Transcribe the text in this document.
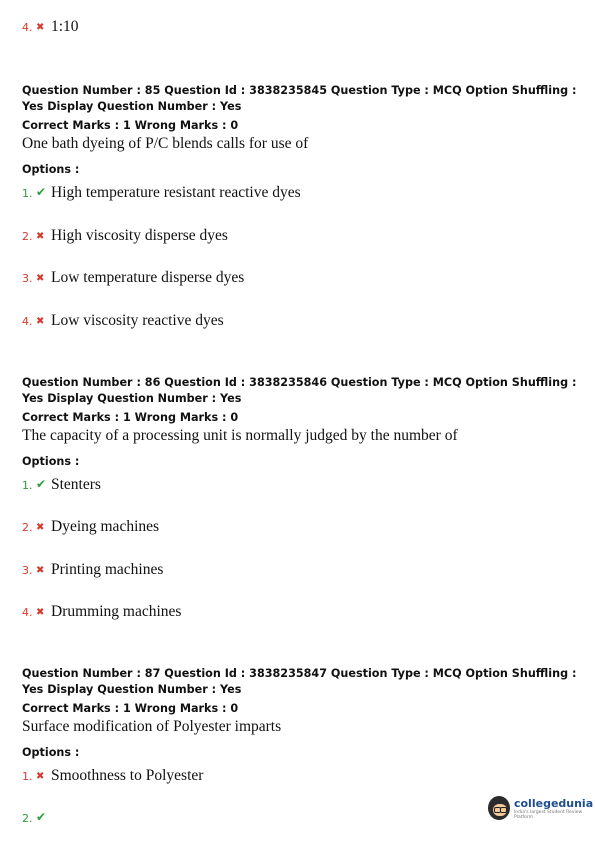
4. ✖ 1:10
Question Number : 85 Question Id : 3838235845 Question Type : MCQ Option Shuffling : Yes Display Question Number : Yes
Correct Marks : 1 Wrong Marks : 0
One bath dyeing of P/C blends calls for use of
Options :
1. ✔ High temperature resistant reactive dyes
2. ✖ High viscosity disperse dyes
3. ✖ Low temperature disperse dyes
4. ✖ Low viscosity reactive dyes
Question Number : 86 Question Id : 3838235846 Question Type : MCQ Option Shuffling : Yes Display Question Number : Yes
Correct Marks : 1 Wrong Marks : 0
The capacity of a processing unit is normally judged by the number of
Options :
1. ✔ Stenters
2. ✖ Dyeing machines
3. ✖ Printing machines
4. ✖ Drumming machines
Question Number : 87 Question Id : 3838235847 Question Type : MCQ Option Shuffling : Yes Display Question Number : Yes
Correct Marks : 1 Wrong Marks : 0
Surface modification of Polyester imparts
Options :
1. ✖ Smoothness to Polyester
2. ✔
collegedunia
India's largest Student Review Platform
